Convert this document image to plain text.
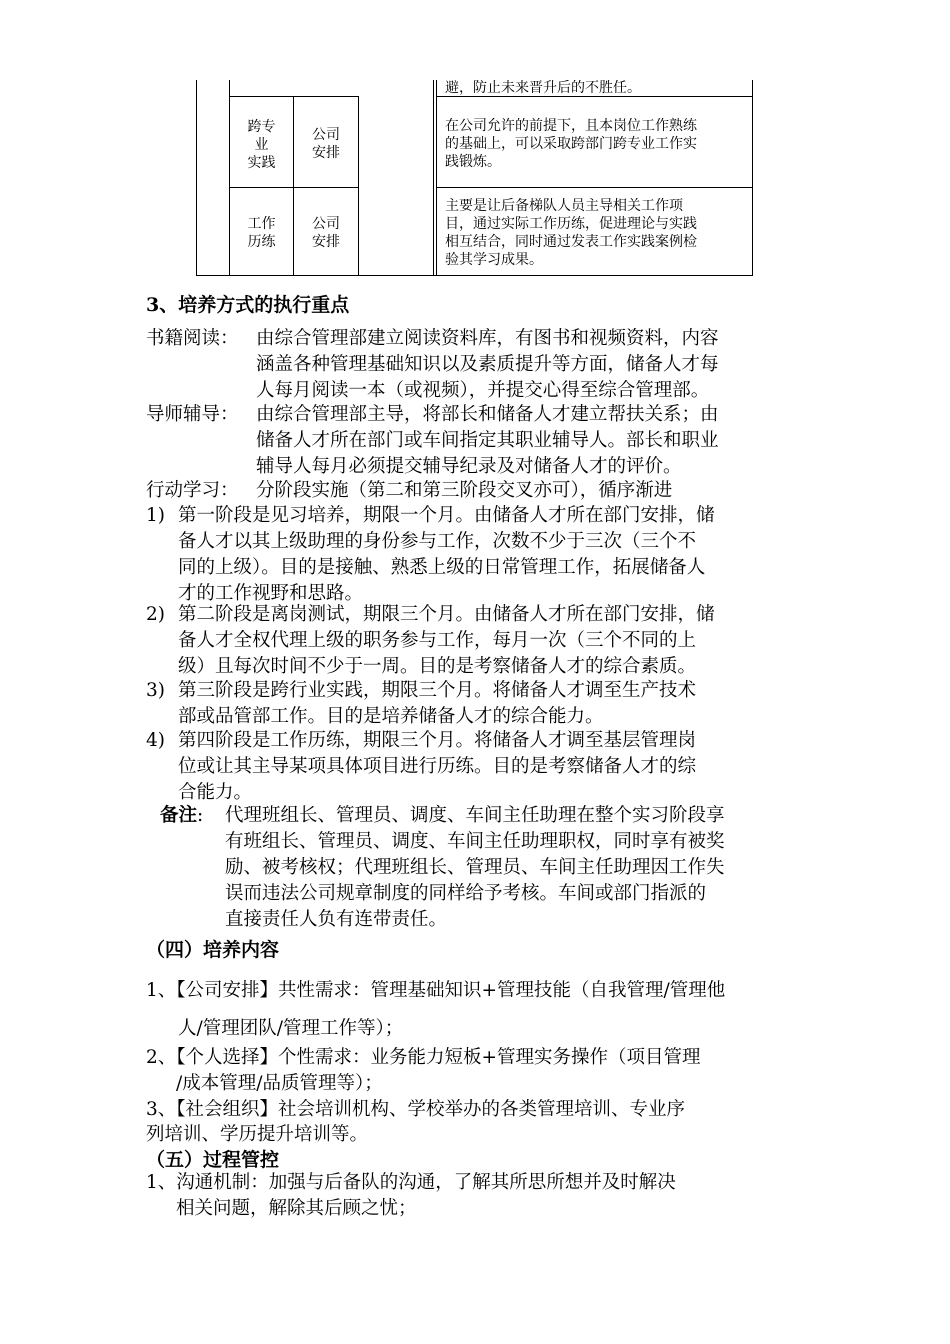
避，防止未来晋升后的不胜任。
跨专
业
实践
公司
安排
在公司允许的前提下，且本岗位工作熟练
的基础上，可以采取跨部门跨专业工作实
践锻炼。
工作
历练
公司
安排
主要是让后备梯队人员主导相关工作项
目，通过实际工作历练，促进理论与实践
相互结合，同时通过发表工作实践案例检
验其学习成果。
3、培养方式的执行重点
书籍阅读： 由综合管理部建立阅读资料库，有图书和视频资料，内容
涵盖各种管理基础知识以及素质提升等方面，储备人才每
人每月阅读一本（或视频），并提交心得至综合管理部。
导师辅导： 由综合管理部主导，将部长和储备人才建立帮扶关系；由
储备人才所在部门或车间指定其职业辅导人。部长和职业
辅导人每月必须提交辅导纪录及对储备人才的评价。
行动学习： 分阶段实施（第二和第三阶段交叉亦可），循序渐进
1) 第一阶段是见习培养，期限一个月。由储备人才所在部门安排，储
备人才以其上级助理的身份参与工作，次数不少于三次（三个不
同的上级）。目的是接触、熟悉上级的日常管理工作，拓展储备人
才的工作视野和思路。
2) 第二阶段是离岗测试，期限三个月。由储备人才所在部门安排，储
备人才全权代理上级的职务参与工作，每月一次（三个不同的上
级）且每次时间不少于一周。目的是考察储备人才的综合素质。
3) 第三阶段是跨行业实践，期限三个月。将储备人才调至生产技术
部或品管部工作。目的是培养储备人才的综合能力。
4) 第四阶段是工作历练，期限三个月。将储备人才调至基层管理岗
位或让其主导某项具体项目进行历练。目的是考察储备人才的综
合能力。
备注: 代理班组长、管理员、调度、车间主任助理在整个实习阶段享
有班组长、管理员、调度、车间主任助理职权，同时享有被奖
励、被考核权；代理班组长、管理员、车间主任助理因工作失
误而违法公司规章制度的同样给予考核。车间或部门指派的
直接责任人负有连带责任。
（四）培养内容
1、【公司安排】共性需求：管理基础知识+管理技能（自我管理/管理他
人/管理团队/管理工作等）；
2、【个人选择】个性需求：业务能力短板+管理实务操作（项目管理
/成本管理/品质管理等）；
3、【社会组织】社会培训机构、学校举办的各类管理培训、专业序
列培训、学历提升培训等。
（五）过程管控
1、沟通机制：加强与后备队的沟通，了解其所思所想并及时解决
相关问题，解除其后顾之忧；
